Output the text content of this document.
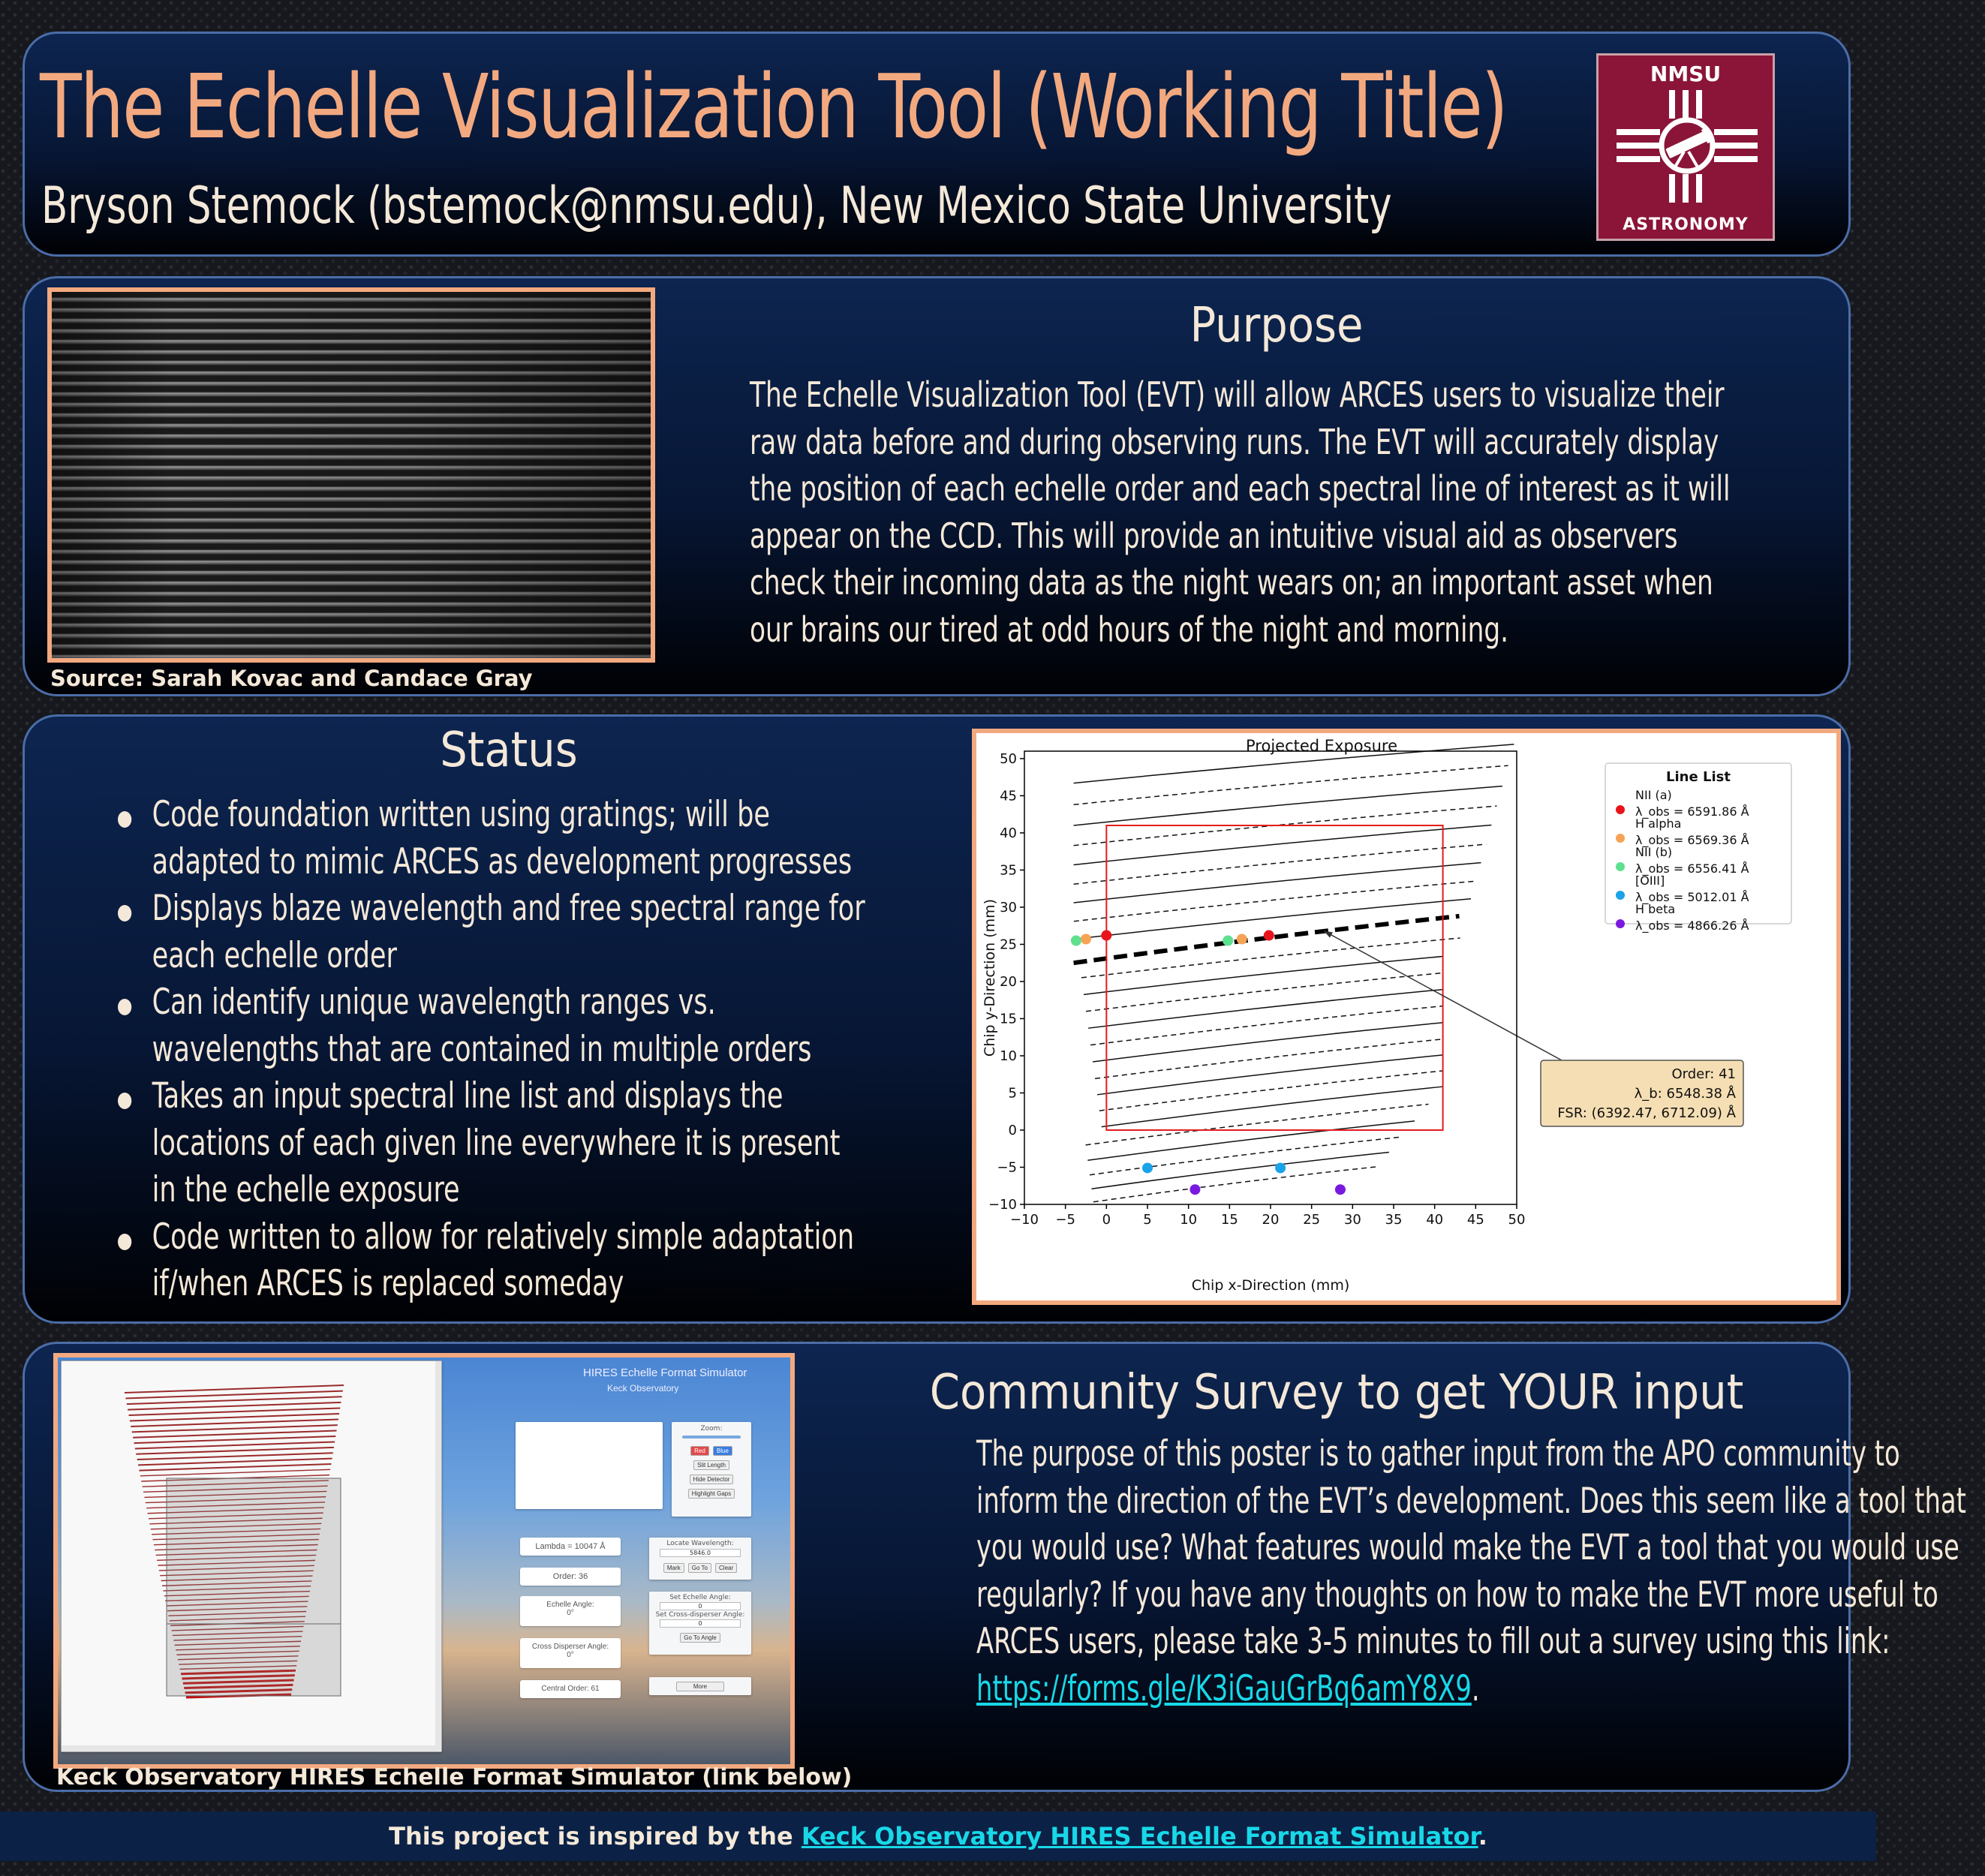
The Echelle Visualization Tool (Working Title)

Bryson Stemock (bstemock@nmsu.edu), New Mexico State University

NMSU
ASTRONOMY
Source: Sarah Kovac and Candace Gray
Purpose

The Echelle Visualization Tool (EVT) will allow ARCES users to visualize their raw data before and during observing runs. The EVT will accurately display the position of each echelle order and each spectral line of interest as it will appear on the CCD. This will provide an intuitive visual aid as observers check their incoming data as the night wears on; an important asset when our brains our tired at odd hours of the night and morning.

Status
Code foundation written using gratings; will be adapted to mimic ARCES as development progresses
Displays blaze wavelength and free spectral range for each echelle order
Can identify unique wavelength ranges vs. wavelengths that are contained in multiple orders
Takes an input spectral line list and displays the locations of each given line everywhere it is present in the echelle exposure
Code written to allow for relatively simple adaptation if/when ARCES is replaced someday
Projected Exposure
−10 −5 0 5 10 15 20 25 30 35 40 45 50
−10
−5
0
5
10
15
20
25
30
35
40
45
50
Chip x-Direction (mm)
Chip y-Direction (mm)
Order: 41
λ_b: 6548.38 Å
FSR: (6392.47, 6712.09) Å
Line List
NII (a)
λ_obs = 6591.86 Å
H alpha
λ_obs = 6569.36 Å
NII (b)
λ_obs = 6556.41 Å
[OIII]
λ_obs = 5012.01 Å
H beta
λ_obs = 4866.26 Å
HIRES Echelle Format Simulator
Keck Observatory
Zoom:
Red Blue
Slit Length
Hide Detector
Highlight Gaps
Lambda = 10047 Å
Order: 36
Echelle Angle:
0°
Cross Disperser Angle:
0°
Central Order: 61
Locate Wavelength:
5846.0
Mark Go To Clear
Set Echelle Angle:
0
Set Cross-disperser Angle:
0
Go To Angle
More
Keck Observatory HIRES Echelle Format Simulator (link below)
Community Survey to get YOUR input

The purpose of this poster is to gather input from the APO community to inform the direction of the EVT’s development. Does this seem like a tool that you would use? What features would make the EVT a tool that you would use regularly? If you have any thoughts on how to make the EVT more useful to ARCES users, please take 3-5 minutes to fill out a survey using this link: https://forms.gle/K3iGauGrBq6amY8X9.

This project is inspired by the Keck Observatory HIRES Echelle Format Simulator.
